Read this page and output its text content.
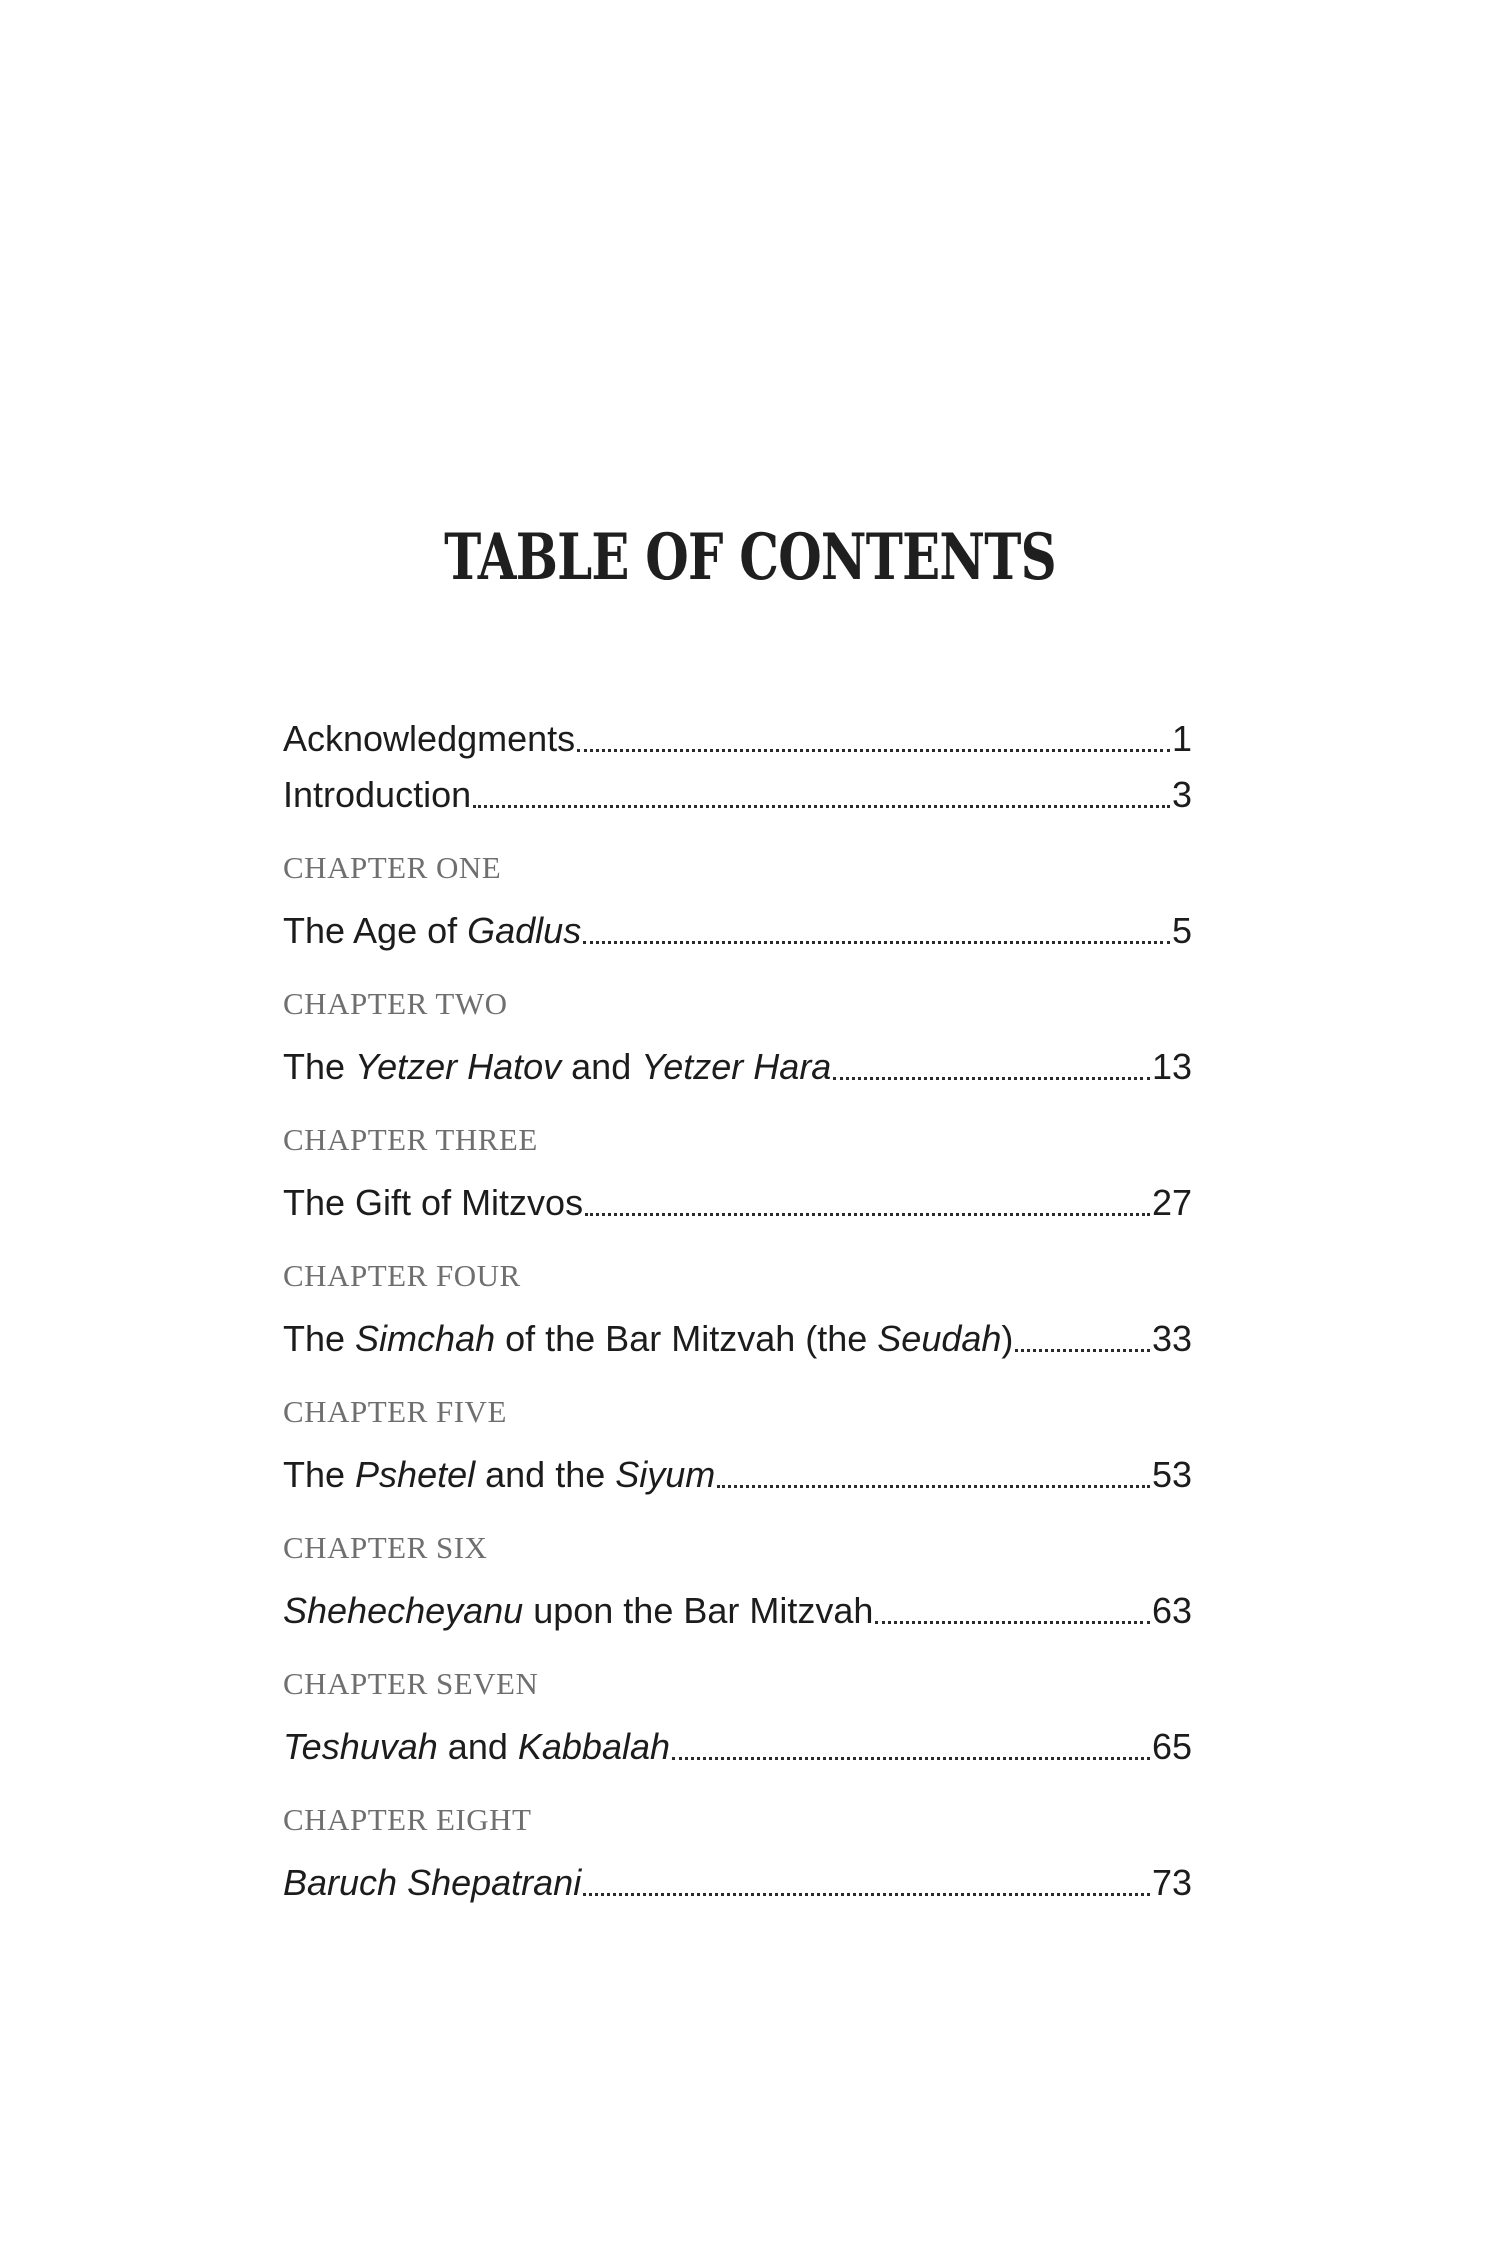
TABLE OF CONTENTS
Acknowledgments	1
Introduction	3
CHAPTER ONE
The Age of Gadlus	5
CHAPTER TWO
The Yetzer Hatov and Yetzer Hara	13
CHAPTER THREE
The Gift of Mitzvos	27
CHAPTER FOUR
The Simchah of the Bar Mitzvah (the Seudah)	33
CHAPTER FIVE
The Pshetel and the Siyum	53
CHAPTER SIX
Shehecheyanu upon the Bar Mitzvah	63
CHAPTER SEVEN
Teshuvah and Kabbalah	65
CHAPTER EIGHT
Baruch Shepatrani	73
